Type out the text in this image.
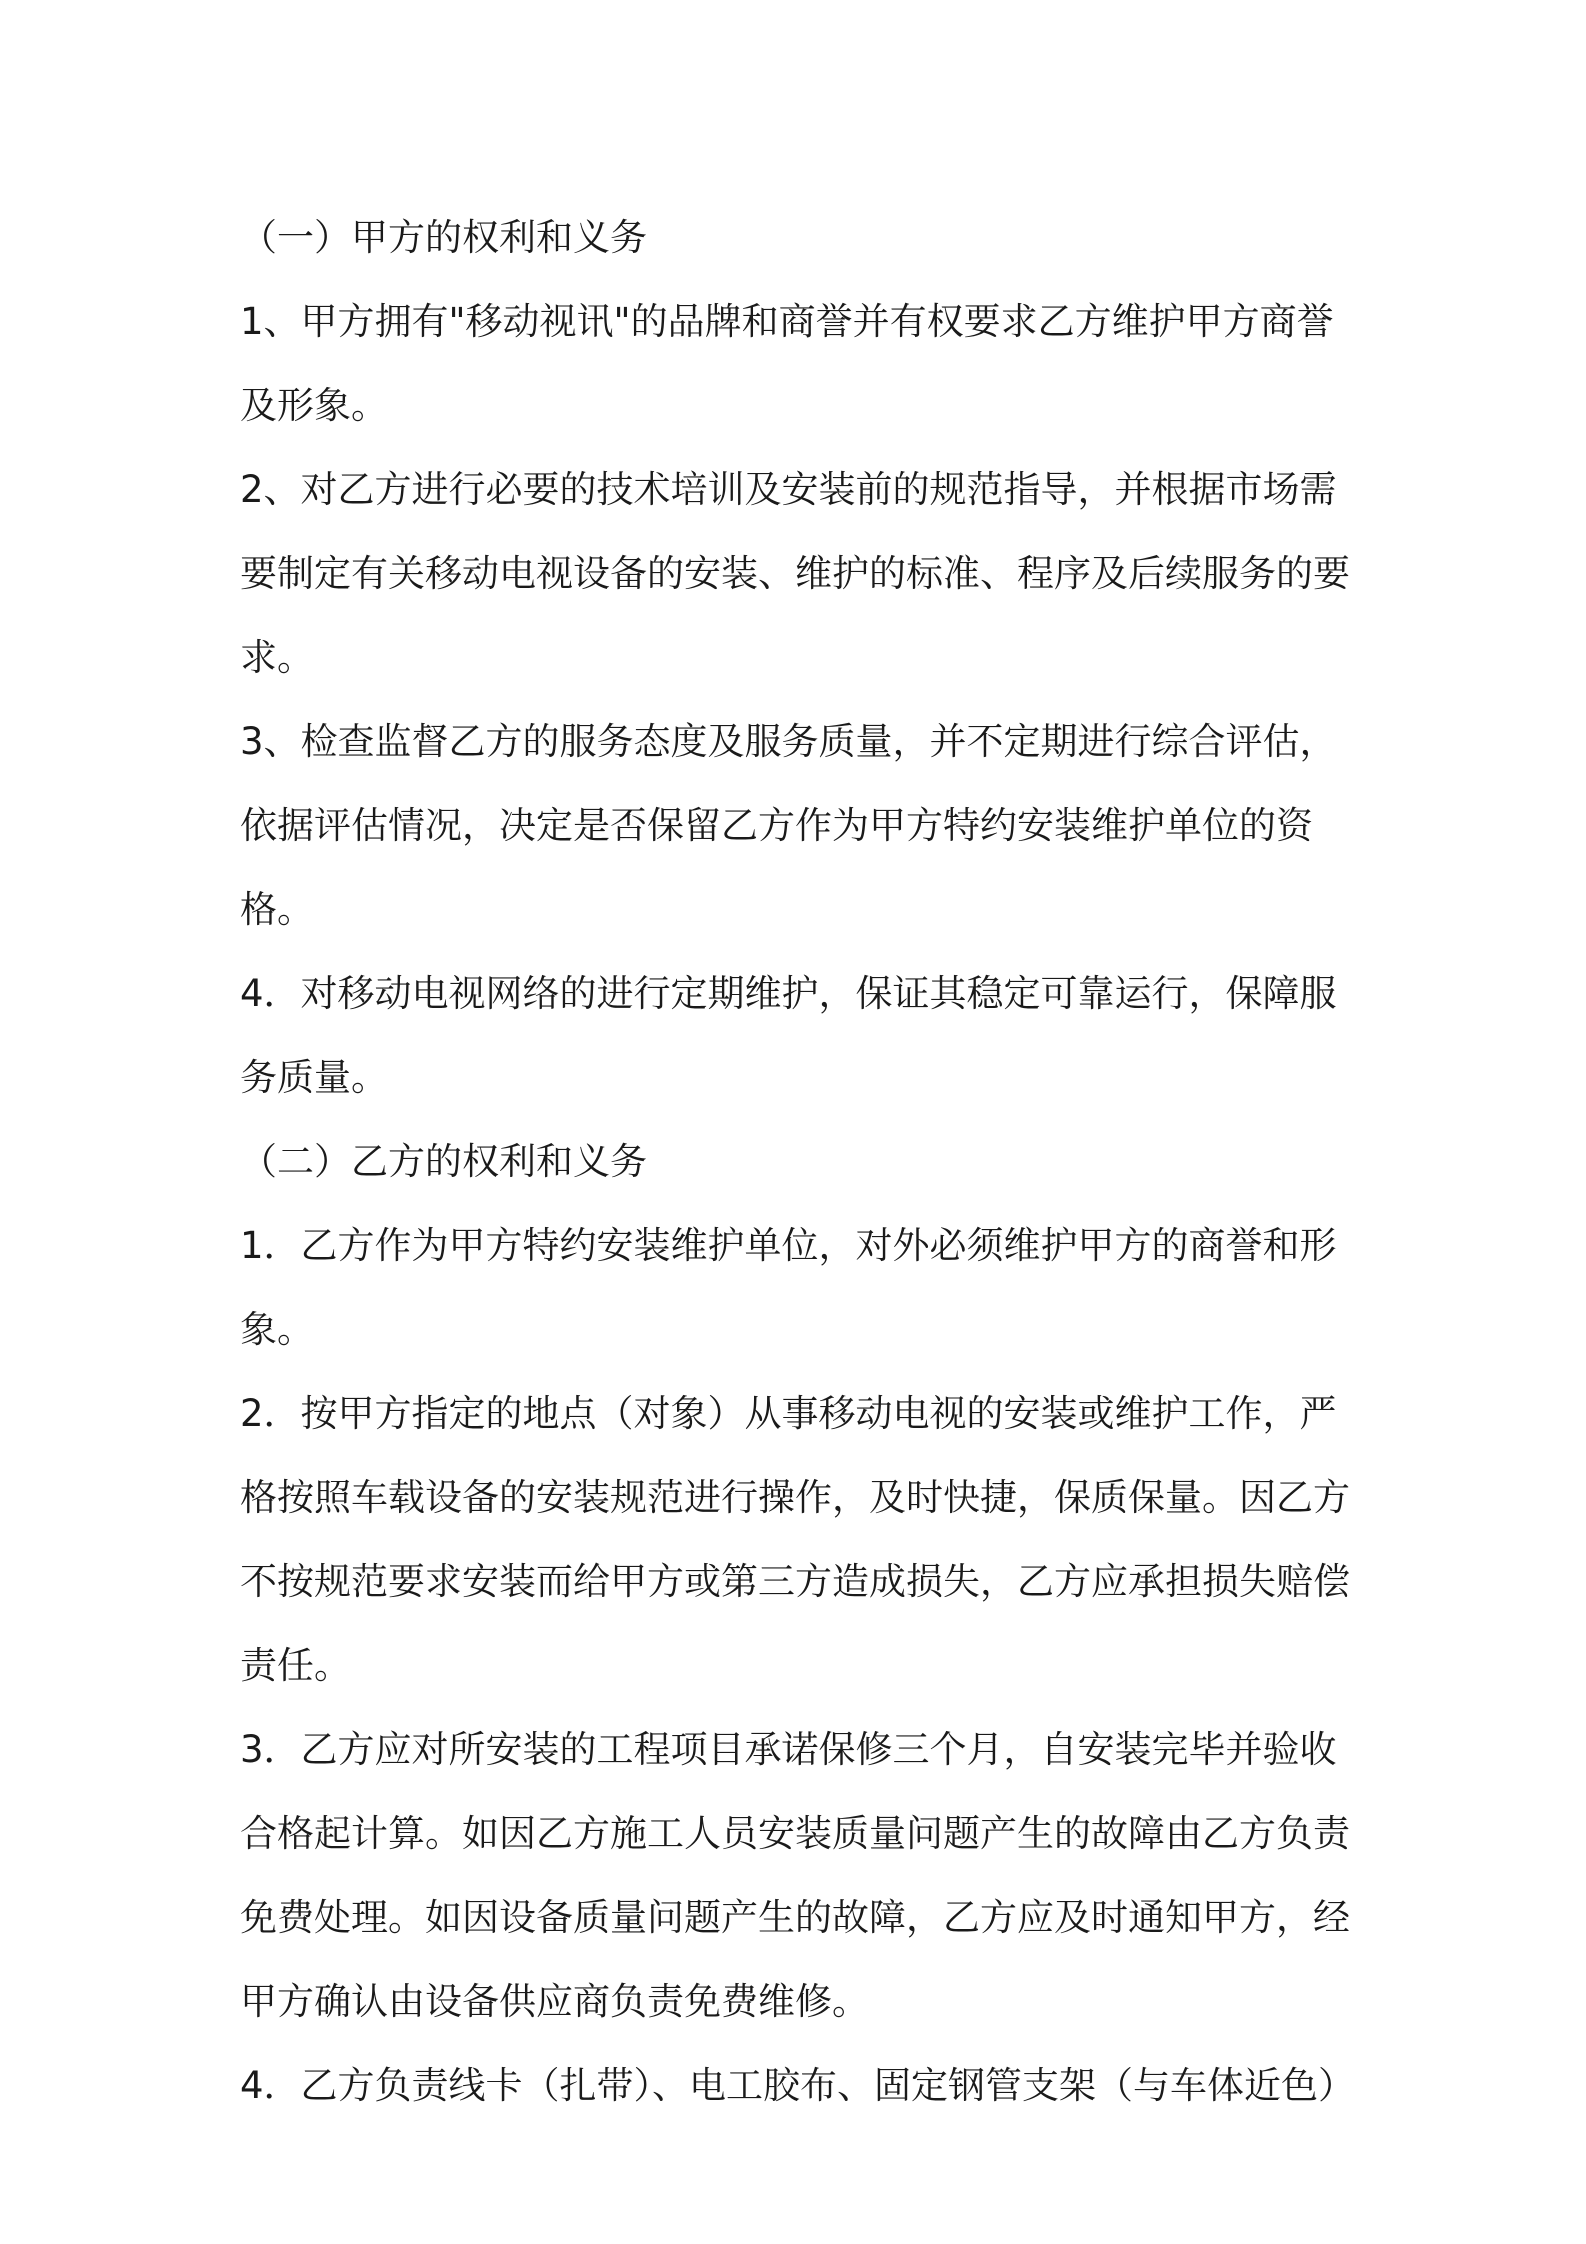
（一）甲方的权利和义务

1、甲方拥有"移动视讯"的品牌和商誉并有权要求乙方维护甲方商誉及形象。

2、对乙方进行必要的技术培训及安装前的规范指导，并根据市场需要制定有关移动电视设备的安装、维护的标准、程序及后续服务的要求。

3、检查监督乙方的服务态度及服务质量，并不定期进行综合评估，依据评估情况，决定是否保留乙方作为甲方特约安装维护单位的资格。

4．对移动电视网络的进行定期维护，保证其稳定可靠运行，保障服务质量。

（二）乙方的权利和义务

1．乙方作为甲方特约安装维护单位，对外必须维护甲方的商誉和形象。

2．按甲方指定的地点（对象）从事移动电视的安装或维护工作，严格按照车载设备的安装规范进行操作，及时快捷，保质保量。因乙方不按规范要求安装而给甲方或第三方造成损失，乙方应承担损失赔偿责任。

3．乙方应对所安装的工程项目承诺保修三个月，自安装完毕并验收合格起计算。如因乙方施工人员安装质量问题产生的故障由乙方负责免费处理。如因设备质量问题产生的故障，乙方应及时通知甲方，经甲方确认由设备供应商负责免费维修。

4．乙方负责线卡（扎带）、电工胶布、固定钢管支架（与车体近色）
